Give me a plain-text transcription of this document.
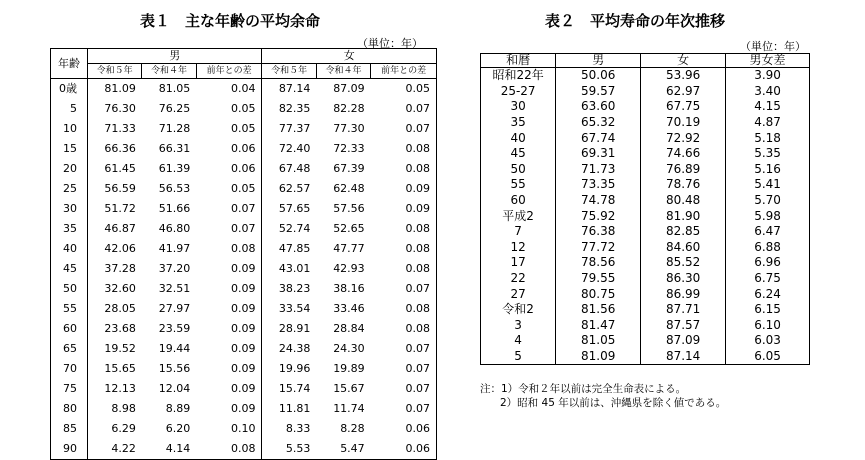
表１　主な年齢の平均余命
（単位：年）
年齢	男			女		
	令和５年	令和４年	前年との差	令和５年	令和４年	前年との差
0歳	81.09	81.05	0.04	87.14	87.09	0.05
5	76.30	76.25	0.05	82.35	82.28	0.07
10	71.33	71.28	0.05	77.37	77.30	0.07
15	66.36	66.31	0.06	72.40	72.33	0.08
20	61.45	61.39	0.06	67.48	67.39	0.08
25	56.59	56.53	0.05	62.57	62.48	0.09
30	51.72	51.66	0.07	57.65	57.56	0.09
35	46.87	46.80	0.07	52.74	52.65	0.08
40	42.06	41.97	0.08	47.85	47.77	0.08
45	37.28	37.20	0.09	43.01	42.93	0.08
50	32.60	32.51	0.09	38.23	38.16	0.07
55	28.05	27.97	0.09	33.54	33.46	0.08
60	23.68	23.59	0.09	28.91	28.84	0.08
65	19.52	19.44	0.09	24.38	24.30	0.07
70	15.65	15.56	0.09	19.96	19.89	0.07
75	12.13	12.04	0.09	15.74	15.67	0.07
80	8.98	8.89	0.09	11.81	11.74	0.07
85	6.29	6.20	0.10	8.33	8.28	0.06
90	4.22	4.14	0.08	5.53	5.47	0.06
表２　平均寿命の年次推移
（単位：年）
和暦	男	女	男女差
昭和22年	50.06	53.96	3.90
25-27	59.57	62.97	3.40
30	63.60	67.75	4.15
35	65.32	70.19	4.87
40	67.74	72.92	5.18
45	69.31	74.66	5.35
50	71.73	76.89	5.16
55	73.35	78.76	5.41
60	74.78	80.48	5.70
平成2	75.92	81.90	5.98
7	76.38	82.85	6.47
12	77.72	84.60	6.88
17	78.56	85.52	6.96
22	79.55	86.30	6.75
27	80.75	86.99	6.24
令和2	81.56	87.71	6.15
3	81.47	87.57	6.10
4	81.05	87.09	6.03
5	81.09	87.14	6.05
注：1）令和２年以前は完全生命表による。
2）昭和 45 年以前は、沖縄県を除く値である。
